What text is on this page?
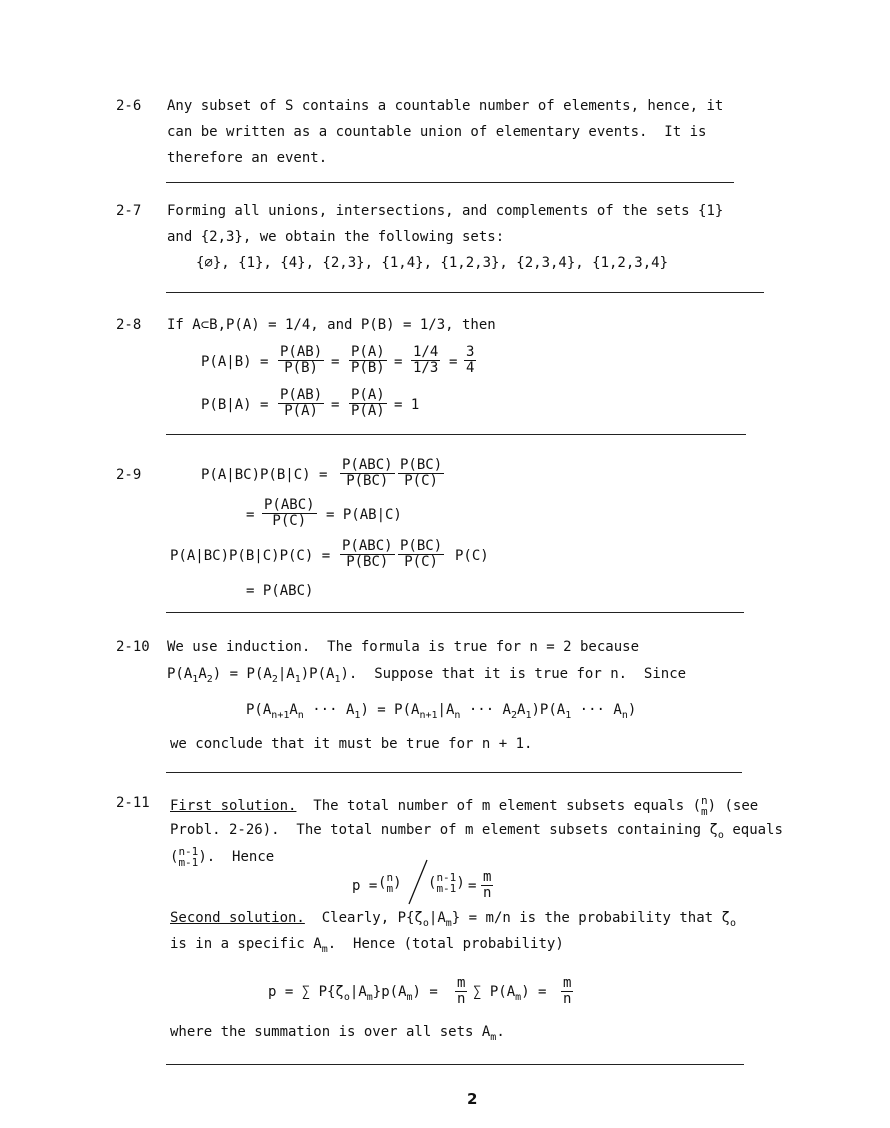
2-6 Any subset of S contains a countable number of elements, hence, it
can be written as a countable union of elementary events.  It is
therefore an event.
2-7 Forming all unions, intersections, and complements of the sets {1}
and {2,3}, we obtain the following sets:
{∅}, {1}, {4}, {2,3}, {1,4}, {1,2,3}, {2,3,4}, {1,2,3,4}
2-8 If A⊂B,P(A) = 1/4, and P(B) = 1/3, then
$P(A|B) = \frac{P(AB)}{P(B)} = \frac{P(A)}{P(B)} = \frac{1/4}{1/3} = \frac{3}{4}$
$P(B|A) = \frac{P(AB)}{P(A)} = \frac{P(A)}{P(A)} = 1$
2-9	P(A|BC)P(B|C) =
P(ABC)
$P(BC) \frac{P(BC)}{P(C)}$
=
P(ABC)
P(C)	= P(AB|C)
P(A|BC)P(B|C)P(C) =
P(ABC)
$P(BC) \frac{P(BC)}{P(C)} P(C)$
= P(ABC)
2-10 We use induction.  The formula is true for n = 2 because
$P(A_1A_2) = P(A_2|A_1)P(A_1)$.  Suppose that it is true for n.  Since
$P(A_{n+1}A_n$ ··· $A_1) = P(A_{n+1}|A_n$ ··· $A_2A_1)P(A_1$ ··· $A_n$)
we conclude that it must be true for n + 1.
2-11 First solution.  The total number of m element subsets equals ( n
m ) (see
Probl. 2-26).  The total number of m element subsets containing $\zeta_o$ equals
( n-1
m-1 ).  Hence
p = ( n
m ) ( n-1
m-1 ) = $\frac{m}{n}$
Second solution.  Clearly, $P\{\zeta_o|A_m\} = m/n$ is the probability that $\zeta_o$
is in a specific $A_m$.  Hence (total probability)
p = ∑ $P\{\zeta_o|A_m\}p(A_m) = \frac{m}{n}$ ∑ $P(A_m) = \frac{m}{n}$
where the summation is over all sets $A_m$.
2
